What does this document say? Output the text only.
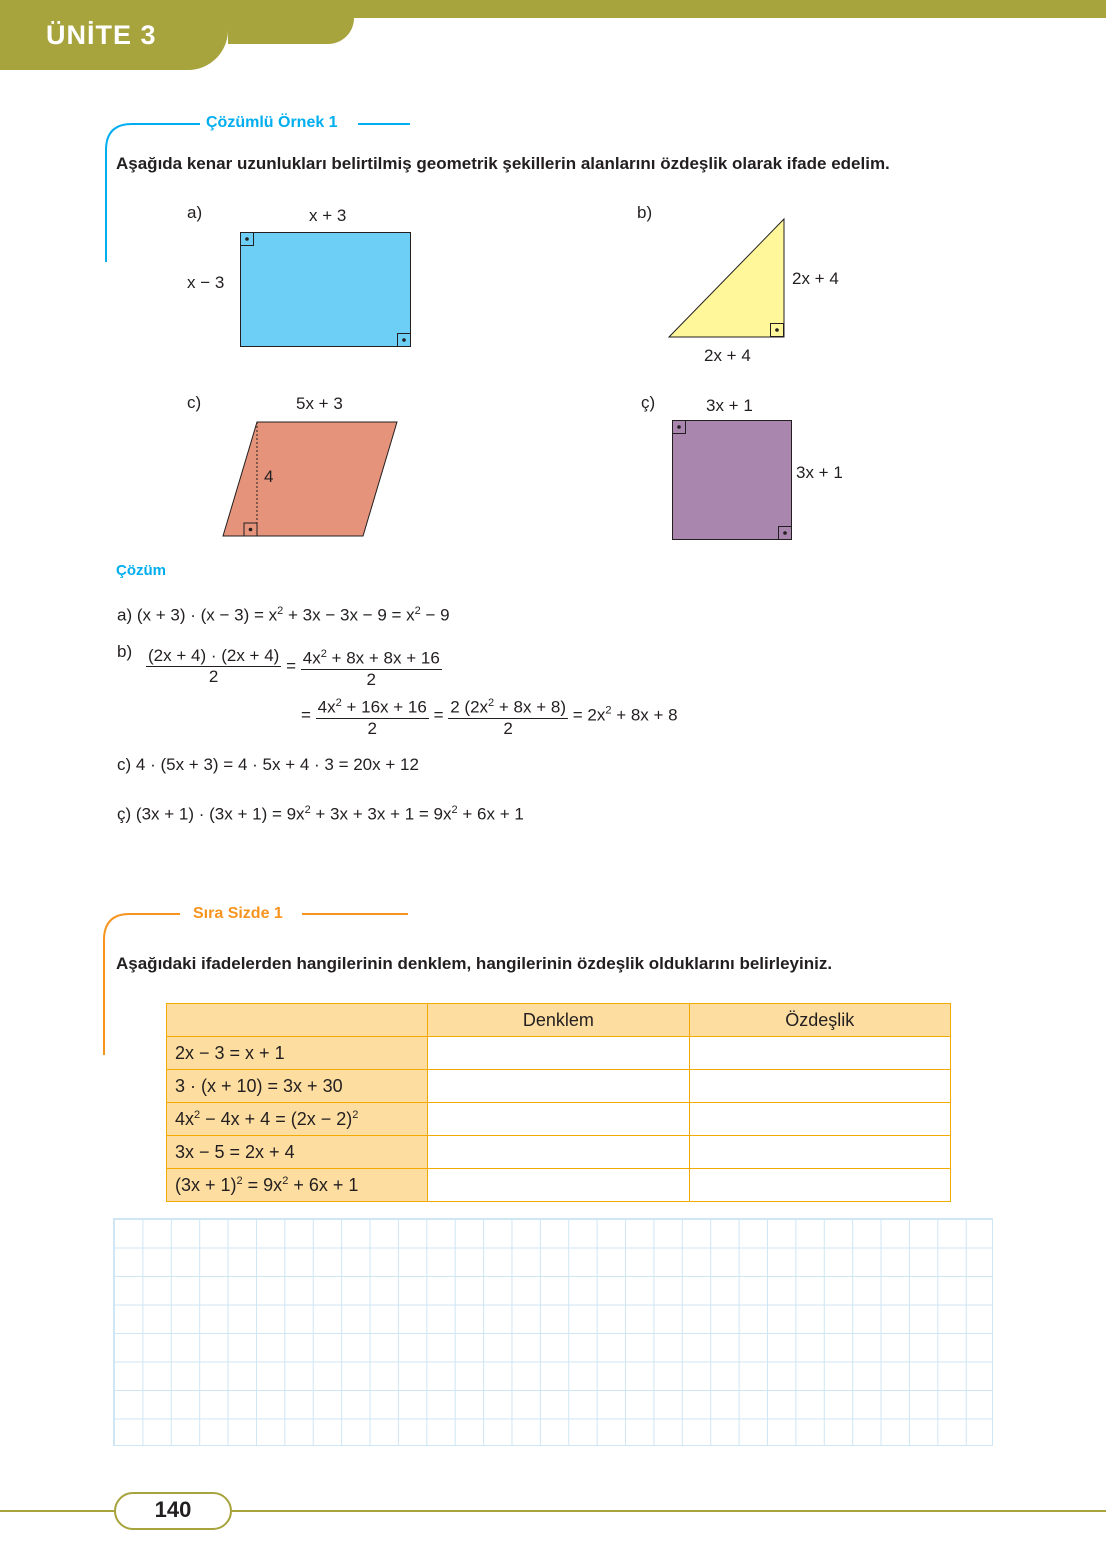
ÜNİTE 3
Çözümlü Örnek 1
Aşağıda kenar uzunlukları belirtilmiş geometrik şekillerin alanlarını özdeşlik olarak ifade edelim.
a)	x + 3
x − 3
b)
2x + 4
2x + 4
c)	5x + 3
4
ç)	3x + 1
3x + 1
Çözüm
a) $(x + 3) \cdot (x - 3) = x^2 + 3x - 3x - 9 = x^2 - 9$
$b) \frac{(2x + 4) \cdot (2x + 4)}{2} = \frac{4x^2 + 8x + 8x + 16}{2}$
= $\frac{4x^2 + 16x + 16}{2} = \frac{2 (2x^2 + 8x + 8)}{2} = 2x^2 + 8x + 8$
c) 4 · (5x + 3) = 4 · 5x + 4 · 3 = 20x + 12
ç) $(3x + 1) \cdot (3x + 1) = 9x^2 + 3x + 3x + 1 = 9x^2 + 6x + 1$
Sıra Sizde 1
Aşağıdaki ifadelerden hangilerinin denklem, hangilerinin özdeşlik olduklarını belirleyiniz.
	Denklem	Özdeşlik
2x − 3 = x + 1		
3 · (x + 10) = 3x + 30		
$4x^2 - 4x + 4 = (2x - 2)^2$		
3x − 5 = 2x + 4		
$(3x + 1)^2 = 9x^2 + 6x + 1$		
140
